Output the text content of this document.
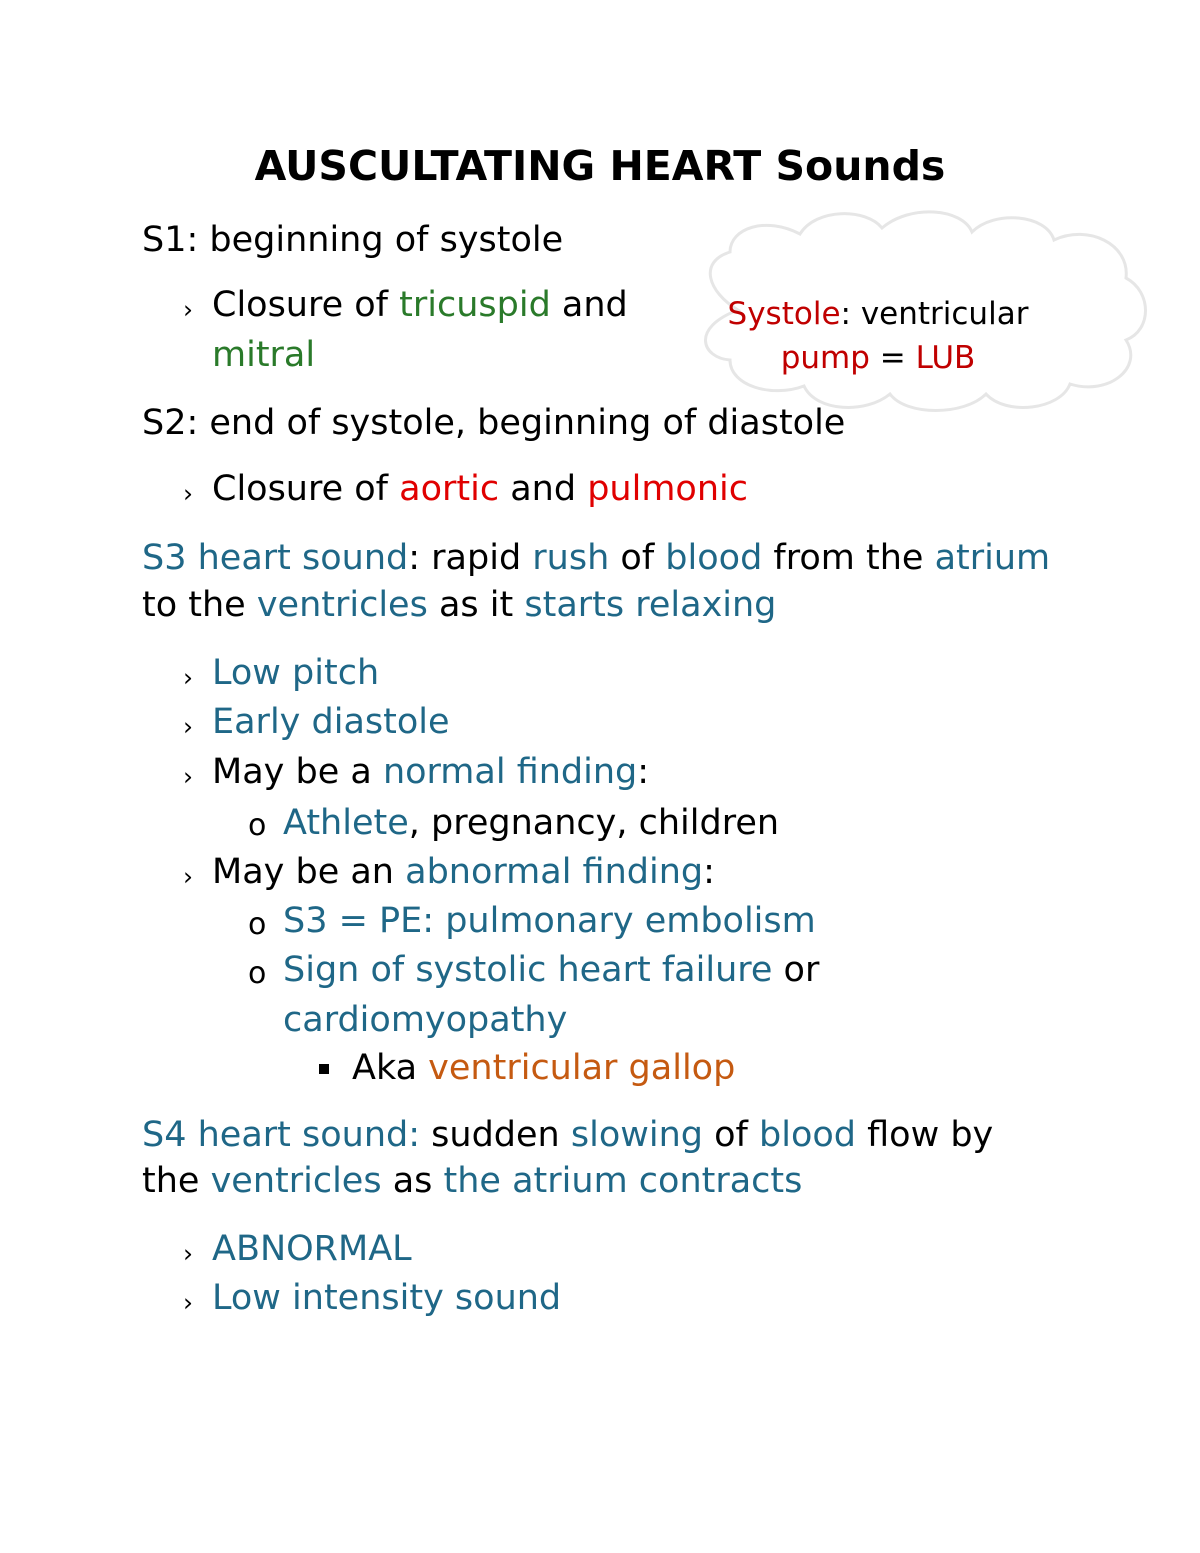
AUSCULTATING HEART Sounds

S1: beginning of systole

› Closure of tricuspid and

mitral

Systole: ventricular

pump = LUB

S2: end of systole, beginning of diastole

› Closure of aortic and pulmonic

S3 heart sound: rapid rush of blood from the atrium

to the ventricles as it starts relaxing

› Low pitch

› Early diastole

› May be a normal finding:

o Athlete, pregnancy, children

› May be an abnormal finding:

o S3 = PE: pulmonary embolism

o Sign of systolic heart failure or

cardiomyopathy

Aka ventricular gallop

S4 heart sound: sudden slowing of blood flow by

the ventricles as the atrium contracts

› ABNORMAL

› Low intensity sound
